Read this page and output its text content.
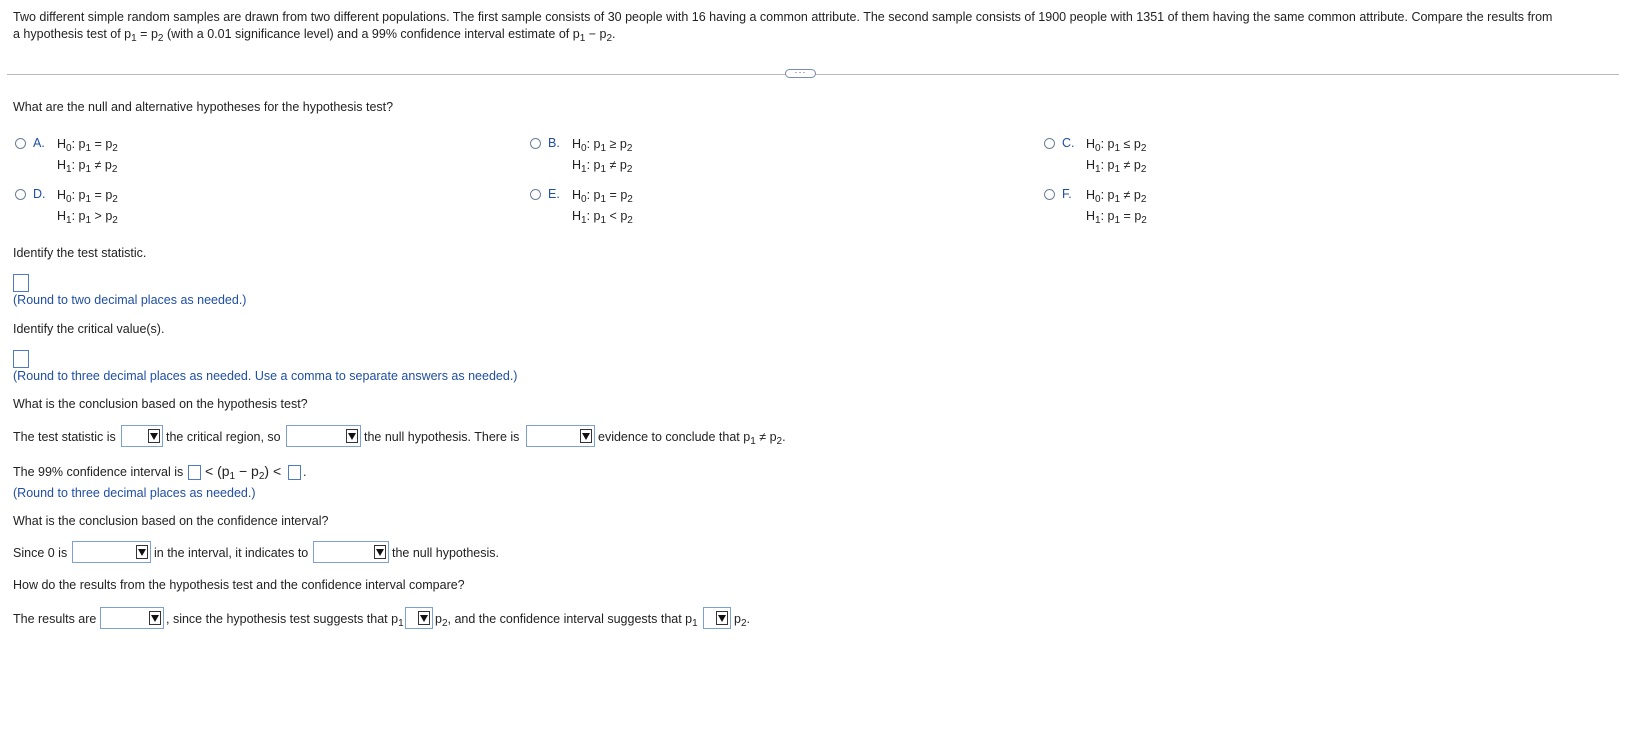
Two different simple random samples are drawn from two different populations. The first sample consists of 30 people with 16 having a common attribute. The second sample consists of 1900 people with 1351 of them having the same common attribute. Compare the results from
a hypothesis test of $p_1 = p_2$ (with a 0.01 significance level) and a 99% confidence interval estimate of $p_1 - p_2$.
···
What are the null and alternative hypotheses for the hypothesis test?
A. $H_0$: $p_1 = p_2$
$H_1$: $p_1 \ne p_2$
B. $H_0$: $p_1 \ge p_2$
$H_1$: $p_1 \ne p_2$
C. $H_0$: $p_1 \le p_2$
$H_1$: $p_1 \ne p_2$
D. $H_0$: $p_1 = p_2$
$H_1$: $p_1 > p_2$
E. $H_0$: $p_1 = p_2$
$H_1$: $p_1 < p_2$
F. $H_0$: $p_1 \ne p_2$
$H_1$: $p_1 = p_2$
Identify the test statistic.
(Round to two decimal places as needed.)
Identify the critical value(s).
(Round to three decimal places as needed. Use a comma to separate answers as needed.)
What is the conclusion based on the hypothesis test?
The test statistic is	the critical region, so	the null hypothesis. There is	evidence to conclude that $p_1 \ne p_2$.
The 99% confidence interval is < $(p_1 - p_2)$ < .
(Round to three decimal places as needed.)
What is the conclusion based on the confidence interval?
Since 0 is	in the interval, it indicates to	the null hypothesis.
How do the results from the hypothesis test and the confidence interval compare?
The results are	, since the hypothesis test suggests that $p_1$	$p_2$, and the confidence interval suggests that $p_1$	$p_2$.
